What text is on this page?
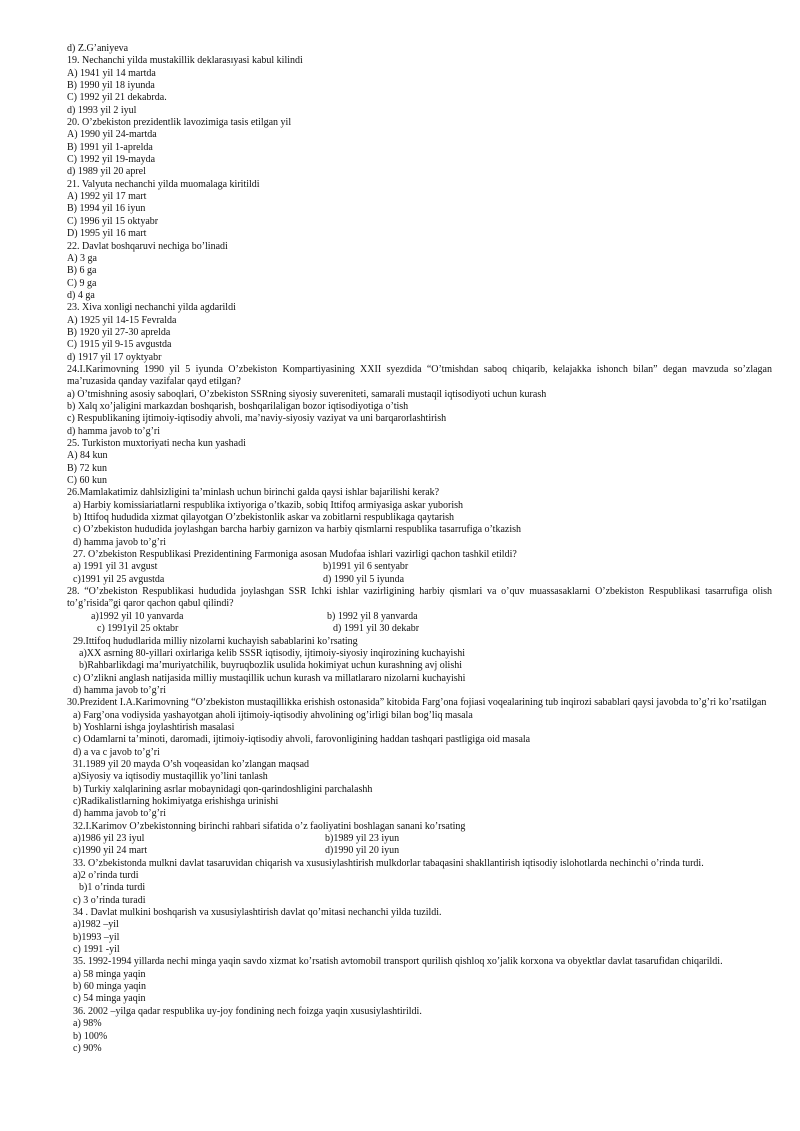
d) Z.G’aniyeva
19. Nechanchi yilda mustakillik deklarasıyasi kabul kilindi
A) 1941 yil 14 martda
B) 1990 yil 18 iyunda
C) 1992 yil 21 dekabrda.
d) 1993 yil 2 iyul
20. O’zbekiston prezidentlik lavozimiga tasis etilgan yil
A) 1990 yil 24-martda
B) 1991 yil 1-aprelda
C) 1992 yil 19-mayda
d) 1989 yil 20 aprel
21. Valyuta nechanchi yilda muomalaga kiritildi
A) 1992 yil 17 mart
B) 1994 yil 16 iyun
C) 1996 yil 15 oktyabr
D) 1995 yil 16 mart
22. Davlat boshqaruvi nechiga bo’linadi
A) 3 ga
B) 6 ga
C) 9 ga
d) 4 ga
23. Xiva xonligi nechanchi yilda agdarildi
A) 1925 yil 14-15 Fevralda
B) 1920 yil 27-30 aprelda
C) 1915 yil 9-15 avgustda
d) 1917 yil 17 oyktyabr
24.I.Karimovning 1990 yil 5 iyunda O’zbekiston Kompartiyasining XXII syezdida “O’tmishdan saboq chiqarib, kelajakka ishonch bilan” degan mavzuda so’zlagan ma’ruzasida qanday vazifalar qayd etilgan?
a) O’tmishning asosiy saboqlari, O’zbekiston SSRning siyosiy suvereniteti, samarali mustaqil iqtisodiyoti uchun kurash
b) Xalq xo’jaligini markazdan boshqarish, boshqarilaligan bozor iqtisodiyotiga o’tish
c) Respublikaning ijtimoiy-iqtisodiy ahvoli, ma’naviy-siyosiy vaziyat va uni barqarorlashtirish
d) hamma javob to’g’ri
25. Turkiston muxtoriyati necha kun yashadi
A) 84 kun
B) 72 kun
C) 60 kun
26.Mamlakatimiz dahlsizligini ta’minlash uchun birinchi galda qaysi ishlar bajarilishi kerak?
a) Harbiy komissiariatlarni respublika ixtiyoriga o’tkazib, sobiq Ittifoq armiyasiga askar yuborish
b) Ittifoq hududida xizmat qilayotgan O’zbekistonlik askar va zobitlarni respublikaga qaytarish
c) O’zbekiston hududida joylashgan barcha harbiy garnizon va harbiy qismlarni respublika tasarrufiga o’tkazish
d) hamma javob to’g’ri
27. O’zbekiston Respublikasi Prezidentining Farmoniga asosan Mudofaa ishlari vazirligi qachon tashkil etildi?
a) 1991 yil 31 avgust	b)1991 yil 6 sentyabr
c)1991 yil 25 avgustda	d) 1990 yil 5 iyunda
28. “O’zbekiston Respublikasi hududida joylashgan SSR Ichki ishlar vazirligining harbiy qismlari va o’quv muassasaklarni O’zbekiston Respublikasi tasarrufiga olish to’g’risida”gi qaror qachon qabul qilindi?
a)1992 yil 10 yanvarda	b) 1992 yil 8 yanvarda
c) 1991yil 25 oktabr	d) 1991 yil 30 dekabr
29.Ittifoq hududlarida milliy nizolarni kuchayish sabablarini ko’rsating
a)XX asrning 80-yillari oxirlariga kelib SSSR iqtisodiy, ijtimoiy-siyosiy inqirozining kuchayishi
b)Rahbarlikdagi ma’muriyatchilik, buyruqbozlik usulida hokimiyat uchun kurashning avj olishi
c) O’zlikni anglash natijasida milliy mustaqillik uchun kurash va millatlararo nizolarni kuchayishi
d) hamma javob to’g’ri
30.Prezident I.A.Karimovning “O’zbekiston mustaqillikka erishish ostonasida” kitobida Farg’ona fojiasi voqealarining tub inqirozi sabablari qaysi javobda to’g’ri ko’rsatilgan
a) Farg’ona vodiysida yashayotgan aholi ijtimoiy-iqtisodiy ahvolining og’irligi bilan bog’liq masala
b) Yoshlarni ishga joylashtirish masalasi
c) Odamlarni ta’minoti, daromadi, ijtimoiy-iqtisodiy ahvoli, farovonligining haddan tashqari pastligiga oid masala
d) a va c javob to’g’ri
31.1989 yil 20 mayda O’sh voqeasidan ko’zlangan maqsad
a)Siyosiy va iqtisodiy mustaqillik yo’lini tanlash
b) Turkiy xalqlarining asrlar mobaynidagi qon-qarindoshligini parchalashh
c)Radikalistlarning hokimiyatga erishishga urinishi
d) hamma javob to’g’ri
32.I.Karimov O’zbekistonning birinchi rahbari sifatida o’z faoliyatini boshlagan sanani ko’rsating
a)1986 yil 23 iyul	b)1989 yil 23 iyun
c)1990 yil 24 mart	d)1990 yil 20 iyun
33. O’zbekistonda mulkni davlat tasaruvidan chiqarish va xususiylashtirish mulkdorlar tabaqasini shakllantirish iqtisodiy islohotlarda nechinchi o’rinda turdi.
a)2 o’rinda turdi
b)1 o’rinda turdi
c) 3 o’rinda turadi
34 . Davlat mulkini boshqarish va xususiylashtirish davlat qo’mitasi nechanchi yilda tuzildi.
a)1982 –yil
b)1993 –yil
c) 1991 -yil
35. 1992-1994 yillarda nechi minga yaqin savdo xizmat ko’rsatish avtomobil transport qurilish qishloq xo’jalik korxona va obyektlar davlat tasarufidan chiqarildi.
a) 58 minga yaqin
b) 60 minga yaqin
c) 54 minga yaqin
36. 2002 –yilga qadar respublika uy-joy fondining nech foizga yaqin xususiylashtirildi.
a) 98%
b) 100%
c) 90%
